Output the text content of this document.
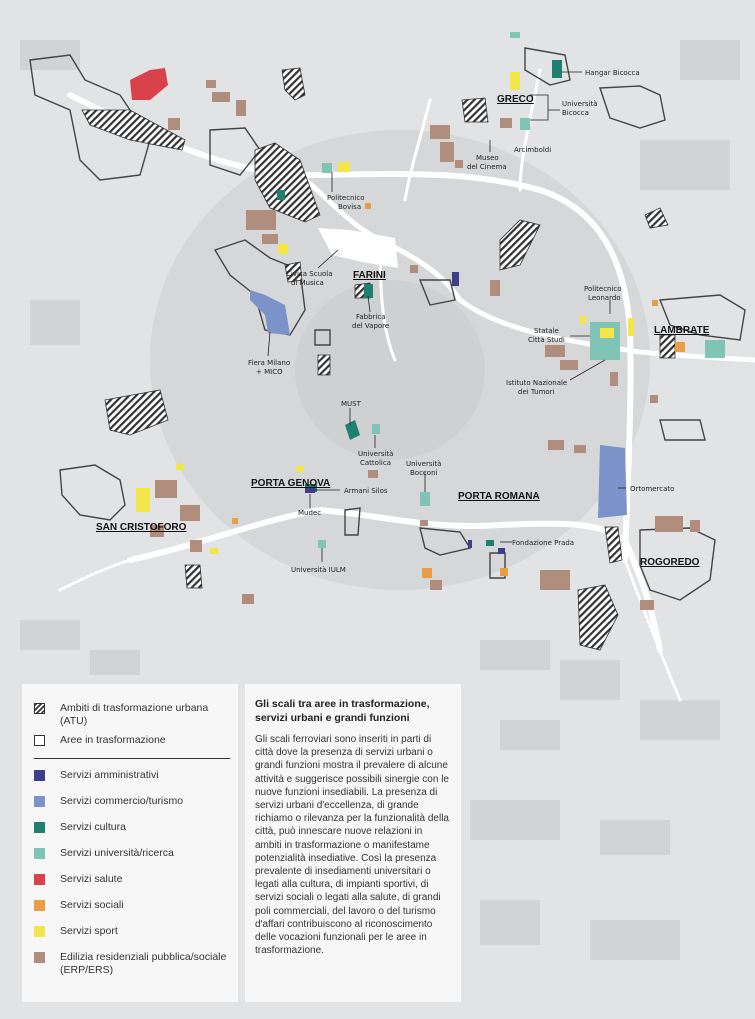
GRECO
FARINI
LAMBRATE
PORTA GENOVA
PORTA ROMANA
SAN CRISTOFORO
ROGOREDO
Hangar Bicocca
Università
Bicocca
Arcimboldi
Museo
del Cinema
Politecnico
Bovisa
Civica Scuola
di Musica
Fabbrica
del Vapore
Politecnico
Leonardo
Statale
Città Studi
Istituto Nazionale
dei Tumori
Fiera Milano
+ MICO
MUST
Università
Cattolica Università
Bocconi
Ortomercato
Armani Silos
Mudec
Fondazione Prada
Università IULM
Ambiti di trasformazione urbana (ATU)
Aree in trasformazione
Servizi amministrativi
Servizi commercio/turismo
Servizi cultura
Servizi università/ricerca
Servizi salute
Servizi sociali
Servizi sport
Edilizia residenziali pubblica/sociale (ERP/ERS)
Gli scali tra aree in trasformazione, servizi urbani e grandi funzioni
Gli scali ferroviari sono inseriti in parti di città dove la presenza di servizi urbani o grandi funzioni mostra il prevalere di alcune attività e suggerisce possibili sinergie con le nuove funzioni insediabili. La presenza di servizi urbani d'eccellenza, di grande richiamo o rilevanza per la funzionalità della città, può innescare nuove relazioni in ambiti in trasformazione o manifestame potenzialità insediative. Così la presenza prevalente di insediamenti universitari o legati alla cultura, di impianti sportivi, di servizi sociali o legati alla salute, di grandi poli commerciali, del lavoro o del turismo d'affari contribuiscono al riconoscimento delle vocazioni funzionali per le aree in trasformazione.
